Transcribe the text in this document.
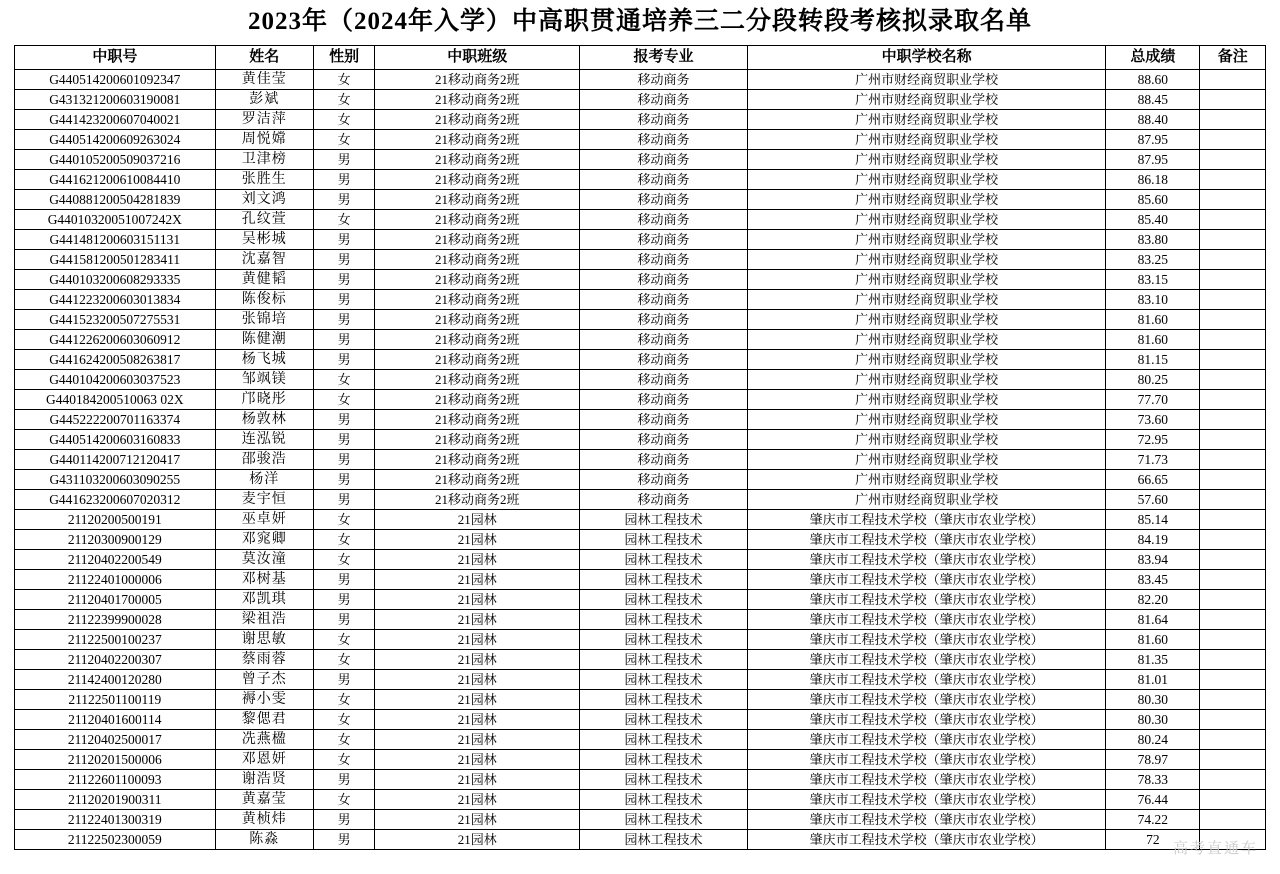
2023年（2024年入学）中高职贯通培养三二分段转段考核拟录取名单
中职号	姓名	性别	中职班级	报考专业	中职学校名称	总成绩	备注
G440514200601092347	黄佳莹	女	21移动商务2班	移动商务	广州市财经商贸职业学校	88.60	
G431321200603190081	彭斌	女	21移动商务2班	移动商务	广州市财经商贸职业学校	88.45	
G441423200607040021	罗洁萍	女	21移动商务2班	移动商务	广州市财经商贸职业学校	88.40	
G440514200609263024	周悦嫦	女	21移动商务2班	移动商务	广州市财经商贸职业学校	87.95	
G440105200509037216	卫津榜	男	21移动商务2班	移动商务	广州市财经商贸职业学校	87.95	
G441621200610084410	张胜生	男	21移动商务2班	移动商务	广州市财经商贸职业学校	86.18	
G440881200504281839	刘文鸿	男	21移动商务2班	移动商务	广州市财经商贸职业学校	85.60	
G44010320051007242X	孔纹萱	女	21移动商务2班	移动商务	广州市财经商贸职业学校	85.40	
G441481200603151131	吴彬城	男	21移动商务2班	移动商务	广州市财经商贸职业学校	83.80	
G441581200501283411	沈嘉智	男	21移动商务2班	移动商务	广州市财经商贸职业学校	83.25	
G440103200608293335	黄健韬	男	21移动商务2班	移动商务	广州市财经商贸职业学校	83.15	
G441223200603013834	陈俊标	男	21移动商务2班	移动商务	广州市财经商贸职业学校	83.10	
G441523200507275531	张锦培	男	21移动商务2班	移动商务	广州市财经商贸职业学校	81.60	
G441226200603060912	陈健潮	男	21移动商务2班	移动商务	广州市财经商贸职业学校	81.60	
G441624200508263817	杨飞城	男	21移动商务2班	移动商务	广州市财经商贸职业学校	81.15	
G440104200603037523	邹飒镁	女	21移动商务2班	移动商务	广州市财经商贸职业学校	80.25	
G440184200510063 02X	邝晓彤	女	21移动商务2班	移动商务	广州市财经商贸职业学校	77.70	
G445222200701163374	杨敦林	男	21移动商务2班	移动商务	广州市财经商贸职业学校	73.60	
G440514200603160833	连泓锐	男	21移动商务2班	移动商务	广州市财经商贸职业学校	72.95	
G440114200712120417	邵骏浩	男	21移动商务2班	移动商务	广州市财经商贸职业学校	71.73	
G431103200603090255	杨洋	男	21移动商务2班	移动商务	广州市财经商贸职业学校	66.65	
G441623200607020312	麦宇恒	男	21移动商务2班	移动商务	广州市财经商贸职业学校	57.60	
21120200500191	巫卓妍	女	21园林	园林工程技术	肇庆市工程技术学校（肇庆市农业学校）	85.14	
21120300900129	邓窕卿	女	21园林	园林工程技术	肇庆市工程技术学校（肇庆市农业学校）	84.19	
21120402200549	莫汝潼	女	21园林	园林工程技术	肇庆市工程技术学校（肇庆市农业学校）	83.94	
21122401000006	邓树基	男	21园林	园林工程技术	肇庆市工程技术学校（肇庆市农业学校）	83.45	
21120401700005	邓凯琪	男	21园林	园林工程技术	肇庆市工程技术学校（肇庆市农业学校）	82.20	
21122399900028	梁祖浩	男	21园林	园林工程技术	肇庆市工程技术学校（肇庆市农业学校）	81.64	
21122500100237	谢思敏	女	21园林	园林工程技术	肇庆市工程技术学校（肇庆市农业学校）	81.60	
21120402200307	蔡雨蓉	女	21园林	园林工程技术	肇庆市工程技术学校（肇庆市农业学校）	81.35	
21142400120280	曾子杰	男	21园林	园林工程技术	肇庆市工程技术学校（肇庆市农业学校）	81.01	
21122501100119	褥小雯	女	21园林	园林工程技术	肇庆市工程技术学校（肇庆市农业学校）	80.30	
21120401600114	黎偲君	女	21园林	园林工程技术	肇庆市工程技术学校（肇庆市农业学校）	80.30	
21120402500017	冼燕楹	女	21园林	园林工程技术	肇庆市工程技术学校（肇庆市农业学校）	80.24	
21120201500006	邓恩妍	女	21园林	园林工程技术	肇庆市工程技术学校（肇庆市农业学校）	78.97	
21122601100093	谢浩贤	男	21园林	园林工程技术	肇庆市工程技术学校（肇庆市农业学校）	78.33	
21120201900311	黄嘉莹	女	21园林	园林工程技术	肇庆市工程技术学校（肇庆市农业学校）	76.44	
21122401300319	黄桢炜	男	21园林	园林工程技术	肇庆市工程技术学校（肇庆市农业学校）	74.22	
21122502300059	陈淼	男	21园林	园林工程技术	肇庆市工程技术学校（肇庆市农业学校）	72	
高考直通车
